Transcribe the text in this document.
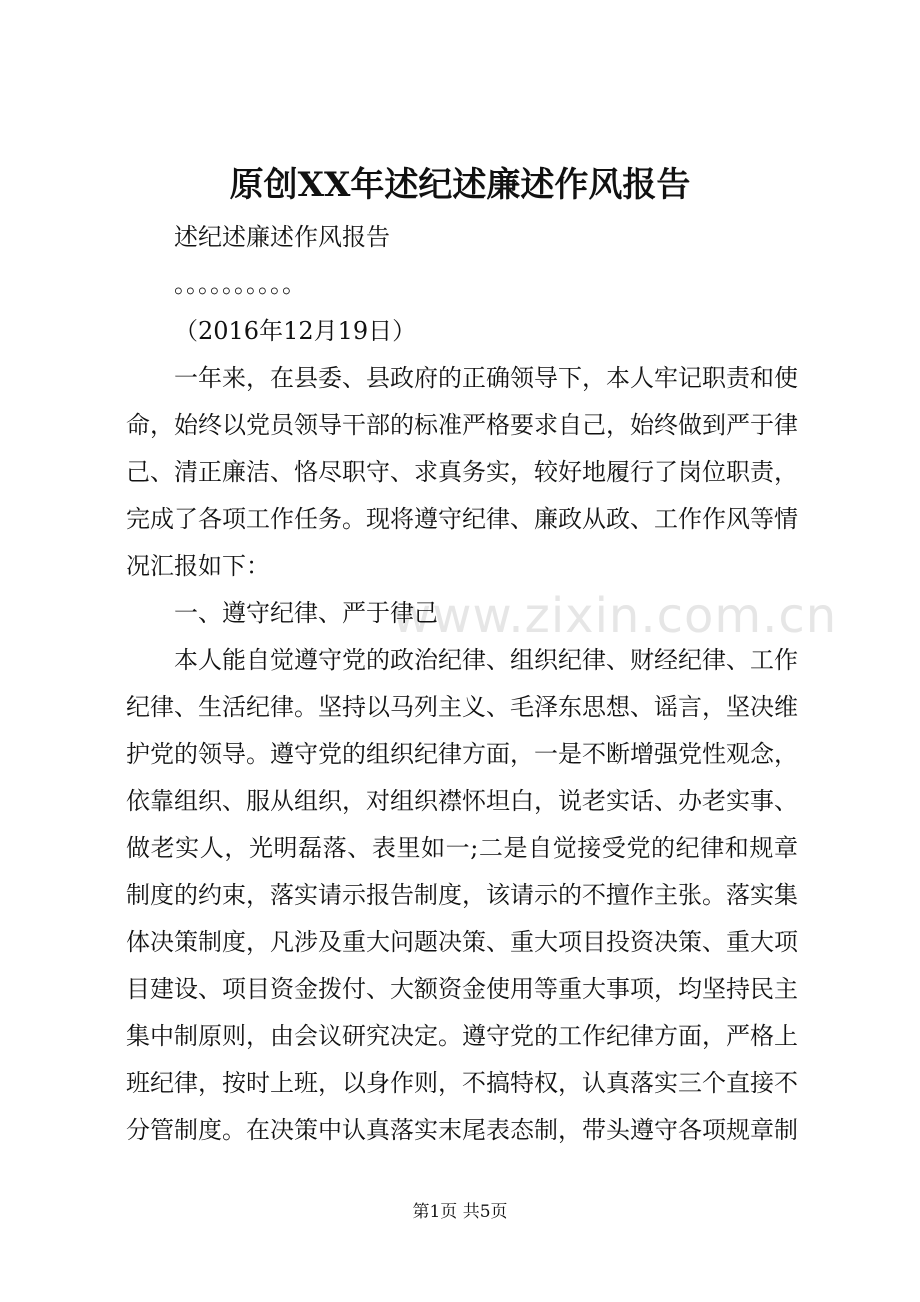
原创XX年述纪述廉述作风报告
www.zixin.com.cn
述纪述廉述作风报告
。。。。。。。。。。
（2016年12月19日）
一年来，在县委、县政府的正确领导下，本人牢记职责和使
命，始终以党员领导干部的标准严格要求自己，始终做到严于律
己、清正廉洁、恪尽职守、求真务实，较好地履行了岗位职责，
完成了各项工作任务。现将遵守纪律、廉政从政、工作作风等情
况汇报如下：
一、遵守纪律、严于律己
本人能自觉遵守党的政治纪律、组织纪律、财经纪律、工作
纪律、生活纪律。坚持以马列主义、毛泽东思想、谣言，坚决维
护党的领导。遵守党的组织纪律方面，一是不断增强党性观念，
依靠组织、服从组织，对组织襟怀坦白，说老实话、办老实事、
做老实人，光明磊落、表里如一;二是自觉接受党的纪律和规章
制度的约束，落实请示报告制度，该请示的不擅作主张。落实集
体决策制度，凡涉及重大问题决策、重大项目投资决策、重大项
目建设、项目资金拨付、大额资金使用等重大事项，均坚持民主
集中制原则，由会议研究决定。遵守党的工作纪律方面，严格上
班纪律，按时上班，以身作则，不搞特权，认真落实三个直接不
分管制度。在决策中认真落实末尾表态制，带头遵守各项规章制
第1页 共5页
